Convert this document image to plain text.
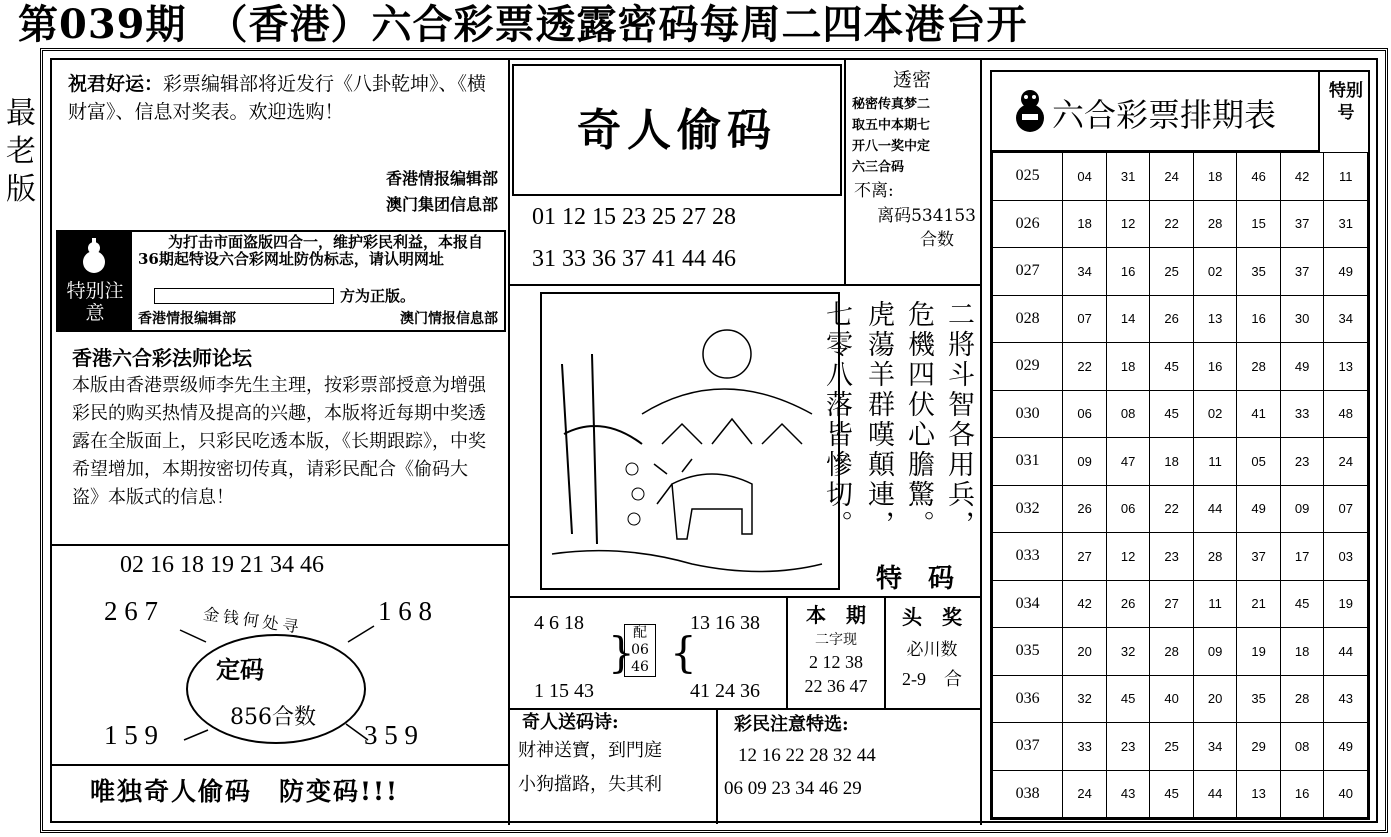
第039期　（香港）六合彩票透露密码每周二四本港台开
最老版
祝君好运：彩票编辑部将近发行《八卦乾坤》、《横财富》、信息对奖表。欢迎选购！
香港情报编辑部
澳门集团信息部
特别注意
为打击市面盗版四合一，维护彩民利益，本报自36期起特设六合彩网址防伪标志，请认明网址
方为正版。
香港情报编辑部	澳门情报信息部
香港六合彩法师论坛
本版由香港票级师李先生主理，按彩票部授意为增强彩民的购买热情及提高的兴趣，本版将近每期中奖透露在全版面上，只彩民吃透本版，《长期跟踪》，中奖希望增加，本期按密切传真，请彩民配合《偷码大盗》本版式的信息！
02 16 18 19 21 34 46
2 6 7	1 6 8
1 5 9	3 5 9
金钱何处寻
定码
856合数
唯独奇人偷码　防变码!!!
奇人偷码
01 12 15 23 25 27 28
31 33 36 37 41 44 46
透密
秘密传真梦二
取五中本期七
开八一奖中定
六三合码
不离:
离码534153
合数
二將斗智各用兵，
危機四伏心膽驚。
虎蕩羊群嘆顛連，
七零八落皆慘切。
特　码
4 6 18
1 15 43
}
配
06
46 {
13 16 38
41 24 36
本　期
二字现
2 12 38
22 36 47
头　奖
必川数
2-9　合
奇人送码诗:
财神送寶，到門庭
小狗擋路，失其利
彩民注意特选:
12 16 22 28 32 44
06 09 23 34 46 29
六合彩票排期表
特别号
025	04	31	24	18	46	42	11
026	18	12	22	28	15	37	31
027	34	16	25	02	35	37	49
028	07	14	26	13	16	30	34
029	22	18	45	16	28	49	13
030	06	08	45	02	41	33	48
031	09	47	18	11	05	23	24
032	26	06	22	44	49	09	07
033	27	12	23	28	37	17	03
034	42	26	27	11	21	45	19
035	20	32	28	09	19	18	44
036	32	45	40	20	35	28	43
037	33	23	25	34	29	08	49
038	24	43	45	44	13	16	40
